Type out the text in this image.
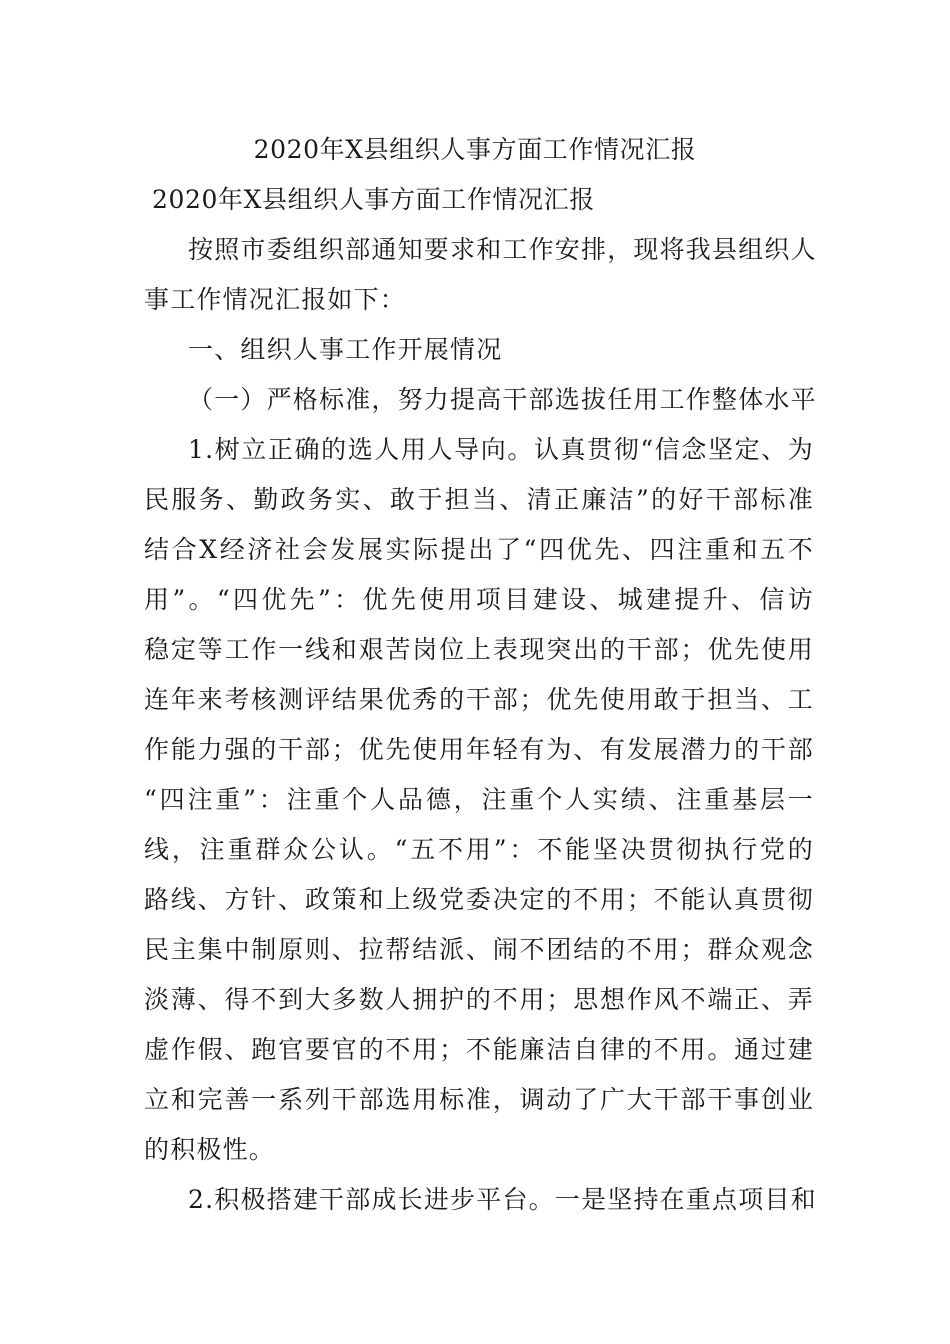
2020年X县组织人事方面工作情况汇报
2020年X县组织人事方面工作情况汇报
按照市委组织部通知要求和工作安排，现将我县组织人
事工作情况汇报如下：
一、组织人事工作开展情况
（一）严格标准，努力提高干部选拔任用工作整体水平
1.树立正确的选人用人导向。认真贯彻“信念坚定、为
民服务、勤政务实、敢于担当、清正廉洁”的好干部标准
结合X经济社会发展实际提出了“四优先、四注重和五不
用”。“四优先”：优先使用项目建设、城建提升、信访
稳定等工作一线和艰苦岗位上表现突出的干部；优先使用
连年来考核测评结果优秀的干部；优先使用敢于担当、工
作能力强的干部；优先使用年轻有为、有发展潜力的干部
“四注重”：注重个人品德，注重个人实绩、注重基层一
线，注重群众公认。“五不用”：不能坚决贯彻执行党的
路线、方针、政策和上级党委决定的不用；不能认真贯彻
民主集中制原则、拉帮结派、闹不团结的不用；群众观念
淡薄、得不到大多数人拥护的不用；思想作风不端正、弄
虚作假、跑官要官的不用；不能廉洁自律的不用。通过建
立和完善一系列干部选用标准，调动了广大干部干事创业
的积极性。
2.积极搭建干部成长进步平台。一是坚持在重点项目和
